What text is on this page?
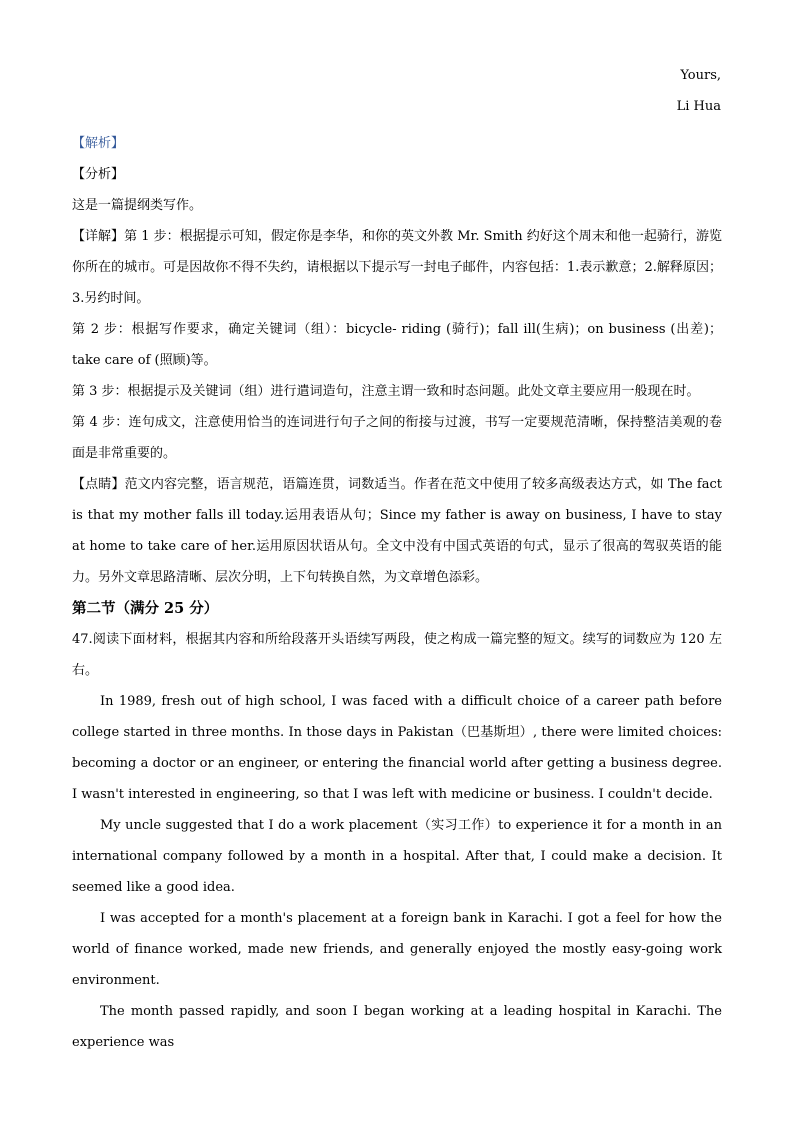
Yours,
Li Hua

【解析】

【分析】

这是一篇提纲类写作。

【详解】第 1 步：根据提示可知，假定你是李华，和你的英文外教 Mr. Smith 约好这个周末和他一起骑行，游览你所在的城市。可是因故你不得不失约，请根据以下提示写一封电子邮件，内容包括：1.表示歉意；2.解释原因；3.另约时间。

第 2 步：根据写作要求，确定关键词（组）：bicycle- riding (骑行)；fall ill(生病)；on business (出差)；take care of (照顾)等。

第 3 步：根据提示及关键词（组）进行遣词造句，注意主谓一致和时态问题。此处文章主要应用一般现在时。

第 4 步：连句成文，注意使用恰当的连词进行句子之间的衔接与过渡，书写一定要规范清晰，保持整洁美观的卷面是非常重要的。

【点睛】范文内容完整，语言规范，语篇连贯，词数适当。作者在范文中使用了较多高级表达方式，如 The fact is that my mother falls ill today.运用表语从句；Since my father is away on business, I have to stay at home to take care of her.运用原因状语从句。全文中没有中国式英语的句式，显示了很高的驾驭英语的能力。另外文章思路清晰、层次分明，上下句转换自然，为文章增色添彩。

第二节（满分 25 分）

47.阅读下面材料，根据其内容和所给段落开头语续写两段，使之构成一篇完整的短文。续写的词数应为 120 左右。

In 1989, fresh out of high school, I was faced with a difficult choice of a career path before college started in three months. In those days in Pakistan（巴基斯坦）, there were limited choices: becoming a doctor or an engineer, or entering the financial world after getting a business degree. I wasn't interested in engineering, so that I was left with medicine or business. I couldn't decide.

My uncle suggested that I do a work placement（实习工作）to experience it for a month in an international company followed by a month in a hospital. After that, I could make a decision. It seemed like a good idea.

I was accepted for a month's placement at a foreign bank in Karachi. I got a feel for how the world of finance worked, made new friends, and generally enjoyed the mostly easy-going work environment.

The month passed rapidly, and soon I began working at a leading hospital in Karachi. The experience was
